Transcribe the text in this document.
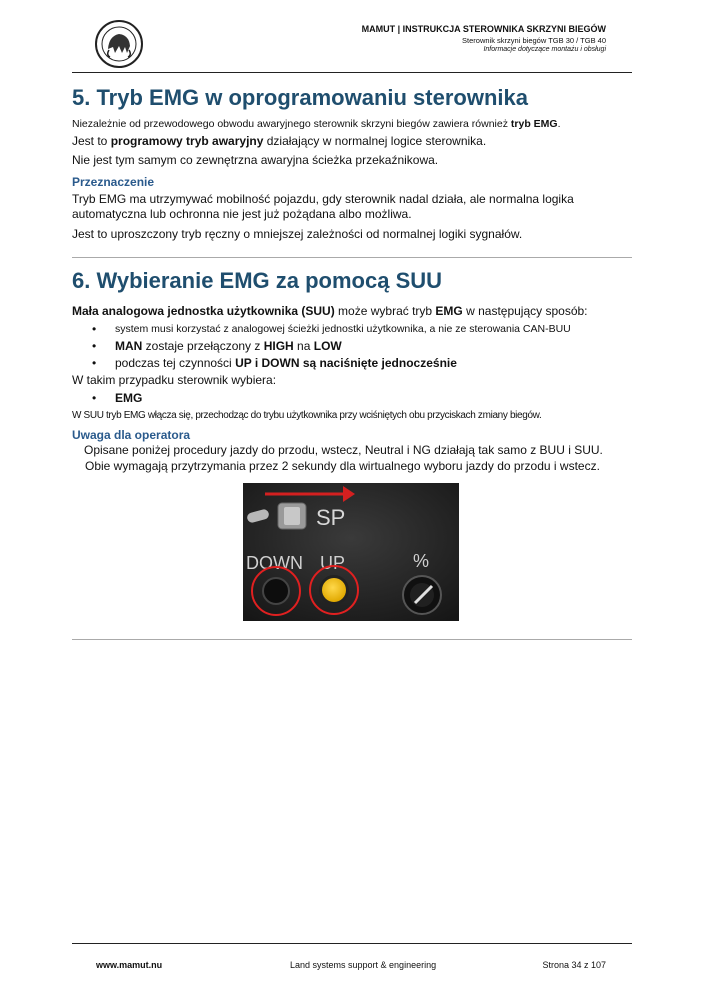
MAMUT | INSTRUKCJA STEROWNIKA SKRZYNI BIEGÓW
Sterownik skrzyni biegów TGB 30 / TGB 40
Informacje dotyczące montażu i obsługi
5. Tryb EMG w oprogramowaniu sterownika
Niezależnie od przewodowego obwodu awaryjnego sterownik skrzyni biegów zawiera również tryb EMG.
Jest to programowy tryb awaryjny działający w normalnej logice sterownika.
Nie jest tym samym co zewnętrzna awaryjna ścieżka przekaźnikowa.
Przeznaczenie
Tryb EMG ma utrzymywać mobilność pojazdu, gdy sterownik nadal działa, ale normalna logika
automatyczna lub ochronna nie jest już pożądana albo możliwa.
Jest to uproszczony tryb ręczny o mniejszej zależności od normalnej logiki sygnałów.
6. Wybieranie EMG za pomocą SUU
Mała analogowa jednostka użytkownika (SUU) może wybrać tryb EMG w następujący sposób:
• system musi korzystać z analogowej ścieżki jednostki użytkownika, a nie ze sterowania CAN-BUU
• MAN zostaje przełączony z HIGH na LOW
• podczas tej czynności UP i DOWN są naciśnięte jednocześnie
W takim przypadku sterownik wybiera:
• EMG
W SUU tryb EMG włącza się, przechodząc do trybu użytkownika przy wciśniętych obu przyciskach zmiany biegów.
Uwaga dla operatora
Opisane poniżej procedury jazdy do przodu, wstecz, Neutral i NG działają tak samo z BUU i SUU.
Obie wymagają przytrzymania przez 2 sekundy dla wirtualnego wyboru jazdy do przodu i wstecz.
SP
DOWN UP	%
www.mamut.nu	Land systems support & engineering	Strona 34 z 107
